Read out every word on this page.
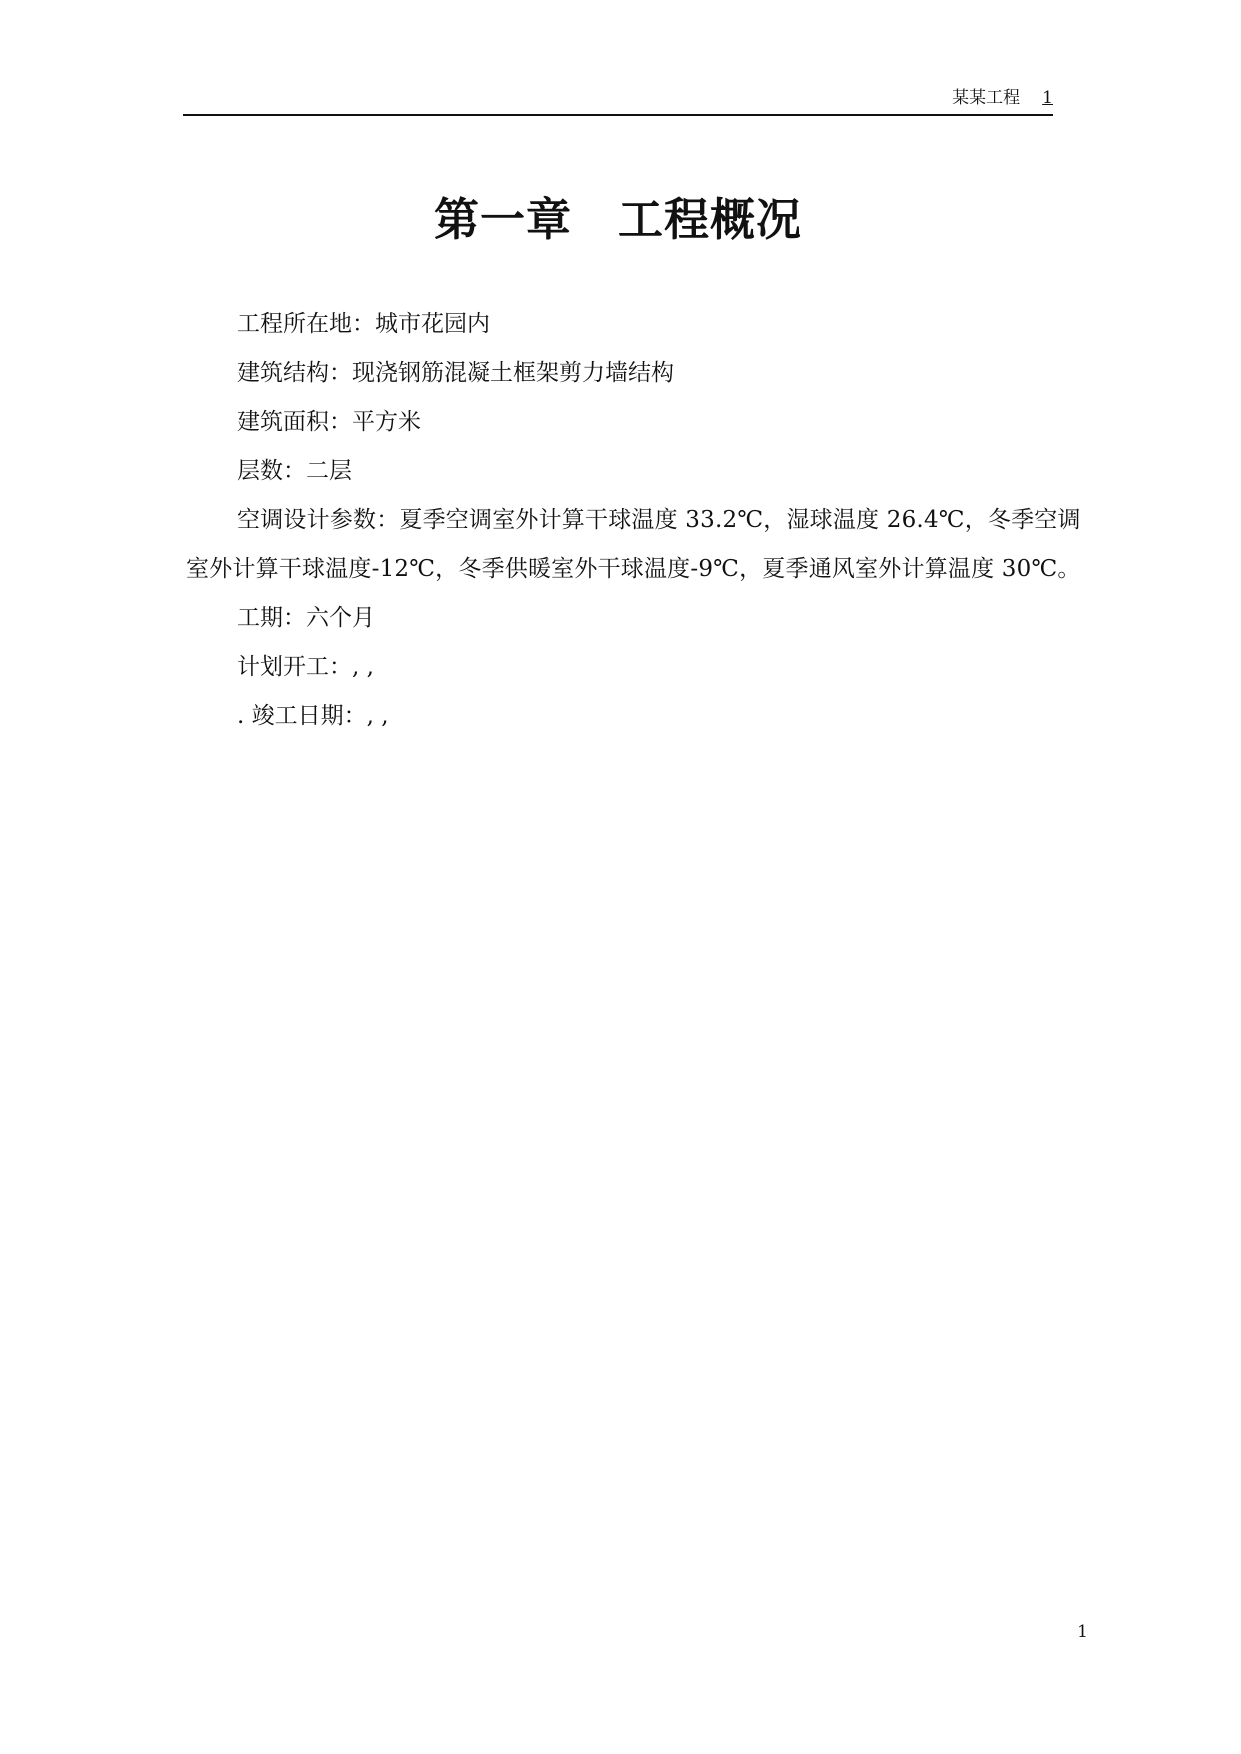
某某工程 1
第一章　工程概况

工程所在地：城市花园内

建筑结构：现浇钢筋混凝土框架剪力墙结构

建筑面积：平方米

层数：二层

空调设计参数：夏季空调室外计算干球温度 33.2℃，湿球温度 26.4℃，冬季空调室外计算干球温度-12℃，冬季供暖室外干球温度-9℃，夏季通风室外计算温度 30℃。

工期：六个月

计划开工：, ,

. 竣工日期：, ,

1
